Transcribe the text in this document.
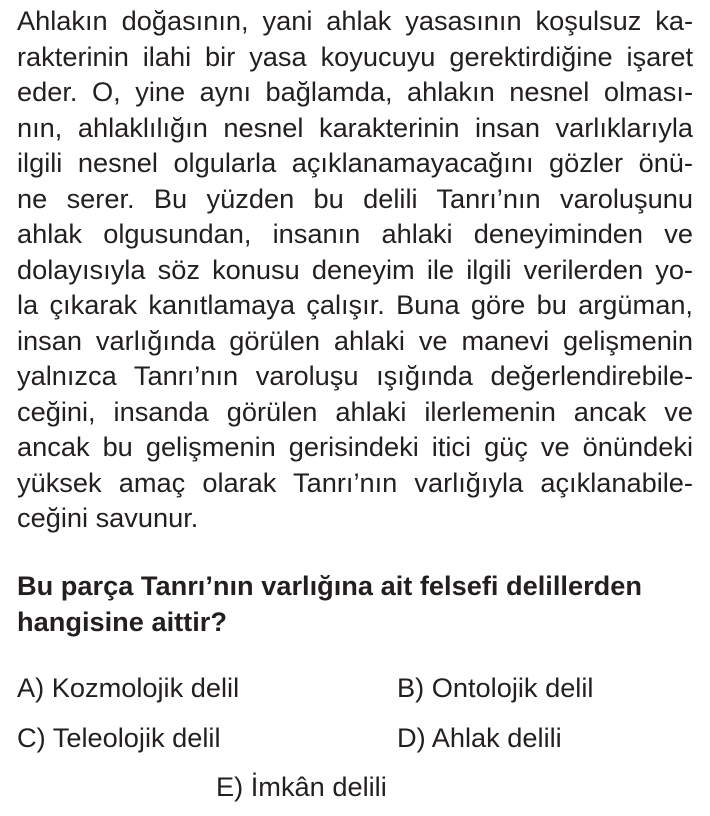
Ahlakın doğasının, yani ahlak yasasının koşulsuz ka-
rakterinin ilahi bir yasa koyucuyu gerektirdiğine işaret
eder. O, yine aynı bağlamda, ahlakın nesnel olması-
nın, ahlaklılığın nesnel karakterinin insan varlıklarıyla
ilgili nesnel olgularla açıklanamayacağını gözler önü-
ne serer. Bu yüzden bu delili Tanrı’nın varoluşunu
ahlak olgusundan, insanın ahlaki deneyiminden ve
dolayısıyla söz konusu deneyim ile ilgili verilerden yo-
la çıkarak kanıtlamaya çalışır. Buna göre bu argüman,
insan varlığında görülen ahlaki ve manevi gelişmenin
yalnızca Tanrı’nın varoluşu ışığında değerlendirebile-
ceğini, insanda görülen ahlaki ilerlemenin ancak ve
ancak bu gelişmenin gerisindeki itici güç ve önündeki
yüksek amaç olarak Tanrı’nın varlığıyla açıklanabile-
ceğini savunur.
Bu parça Tanrı’nın varlığına ait felsefi delillerden
hangisine aittir?
A) Kozmolojik delil	B) Ontolojik delil
C) Teleolojik delil	D) Ahlak delili
E) İmkân delili
